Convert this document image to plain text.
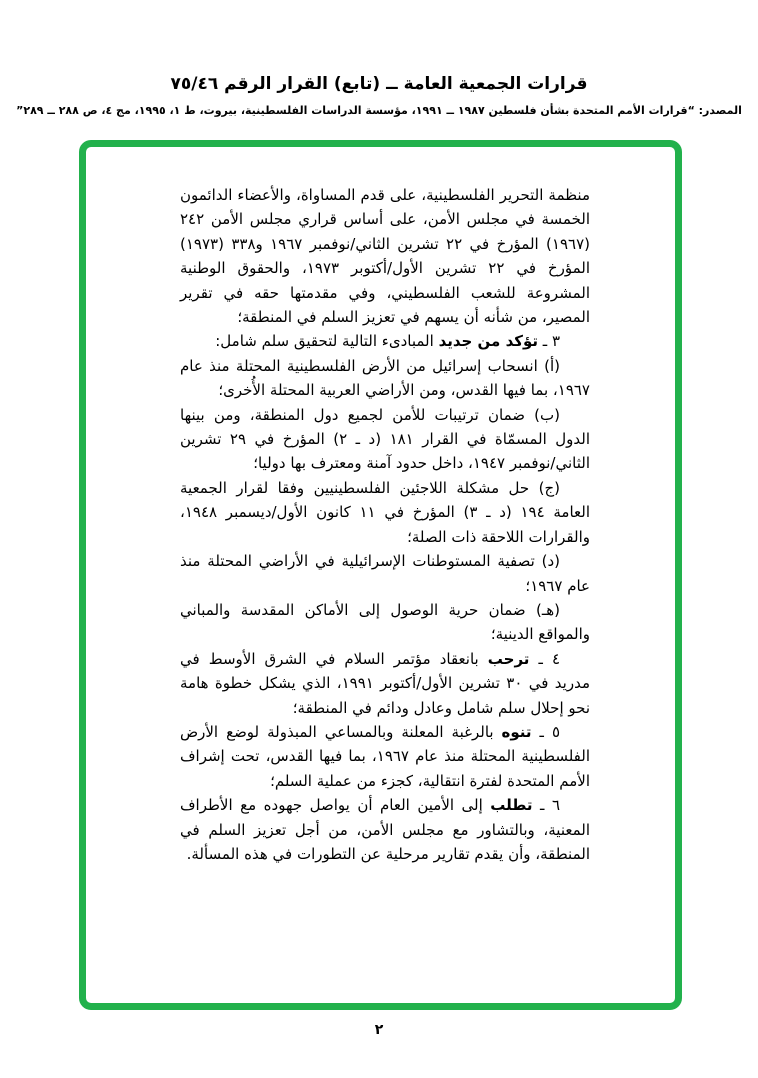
قرارات الجمعية العامة ــ (تابع) القرار الرقم ٧٥/٤٦
المصدر: “قرارات الأمم المتحدة بشأن فلسطين ١٩٨٧ ــ ١٩٩١، مؤسسة الدراسات الفلسطينية، بيروت، ط ١، ١٩٩٥، مج ٤، ص ٢٨٨ ــ ٢٨٩”

منظمة التحرير الفلسطينية، على قدم المساواة، والأعضاء الدائمون الخمسة في مجلس الأمن، على أساس قراري مجلس الأمن ٢٤٢ (١٩٦٧) المؤرخ في ٢٢ تشرين الثاني/نوفمبر ١٩٦٧ و٣٣٨ (١٩٧٣) المؤرخ في ٢٢ تشرين الأول/أكتوبر ١٩٧٣، والحقوق الوطنية المشروعة للشعب الفلسطيني، وفي مقدمتها حقه في تقرير المصير، من شأنه أن يسهم في تعزيز السلم في المنطقة؛

٣ ـ تؤكد من جديد المبادىء التالية لتحقيق سلم شامل:

(أ) انسحاب إسرائيل من الأرض الفلسطينية المحتلة منذ عام ١٩٦٧، بما فيها القدس، ومن الأراضي العربية المحتلة الأُخرى؛

(ب) ضمان ترتيبات للأمن لجميع دول المنطقة، ومن بينها الدول المسمّاة في القرار ١٨١ (د ـ ٢) المؤرخ في ٢٩ تشرين الثاني/نوفمبر ١٩٤٧، داخل حدود آمنة ومعترف بها دوليا؛

(ج) حل مشكلة اللاجئين الفلسطينيين وفقا لقرار الجمعية العامة ١٩٤ (د ـ ٣) المؤرخ في ١١ كانون الأول/ديسمبر ١٩٤٨، والقرارات اللاحقة ذات الصلة؛

(د) تصفية المستوطنات الإسرائيلية في الأراضي المحتلة منذ عام ١٩٦٧؛

(هـ) ضمان حرية الوصول إلى الأماكن المقدسة والمباني والمواقع الدينية؛

٤ ـ ترحب بانعقاد مؤتمر السلام في الشرق الأوسط في مدريد في ٣٠ تشرين الأول/أكتوبر ١٩٩١، الذي يشكل خطوة هامة نحو إحلال سلم شامل وعادل ودائم في المنطقة؛

٥ ـ تنوه بالرغبة المعلنة وبالمساعي المبذولة لوضع الأرض الفلسطينية المحتلة منذ عام ١٩٦٧، بما فيها القدس، تحت إشراف الأمم المتحدة لفترة انتقالية، كجزء من عملية السلم؛

٦ ـ تطلب إلى الأمين العام أن يواصل جهوده مع الأطراف المعنية، وبالتشاور مع مجلس الأمن، من أجل تعزيز السلم في المنطقة، وأن يقدم تقارير مرحلية عن التطورات في هذه المسألة.

٢
